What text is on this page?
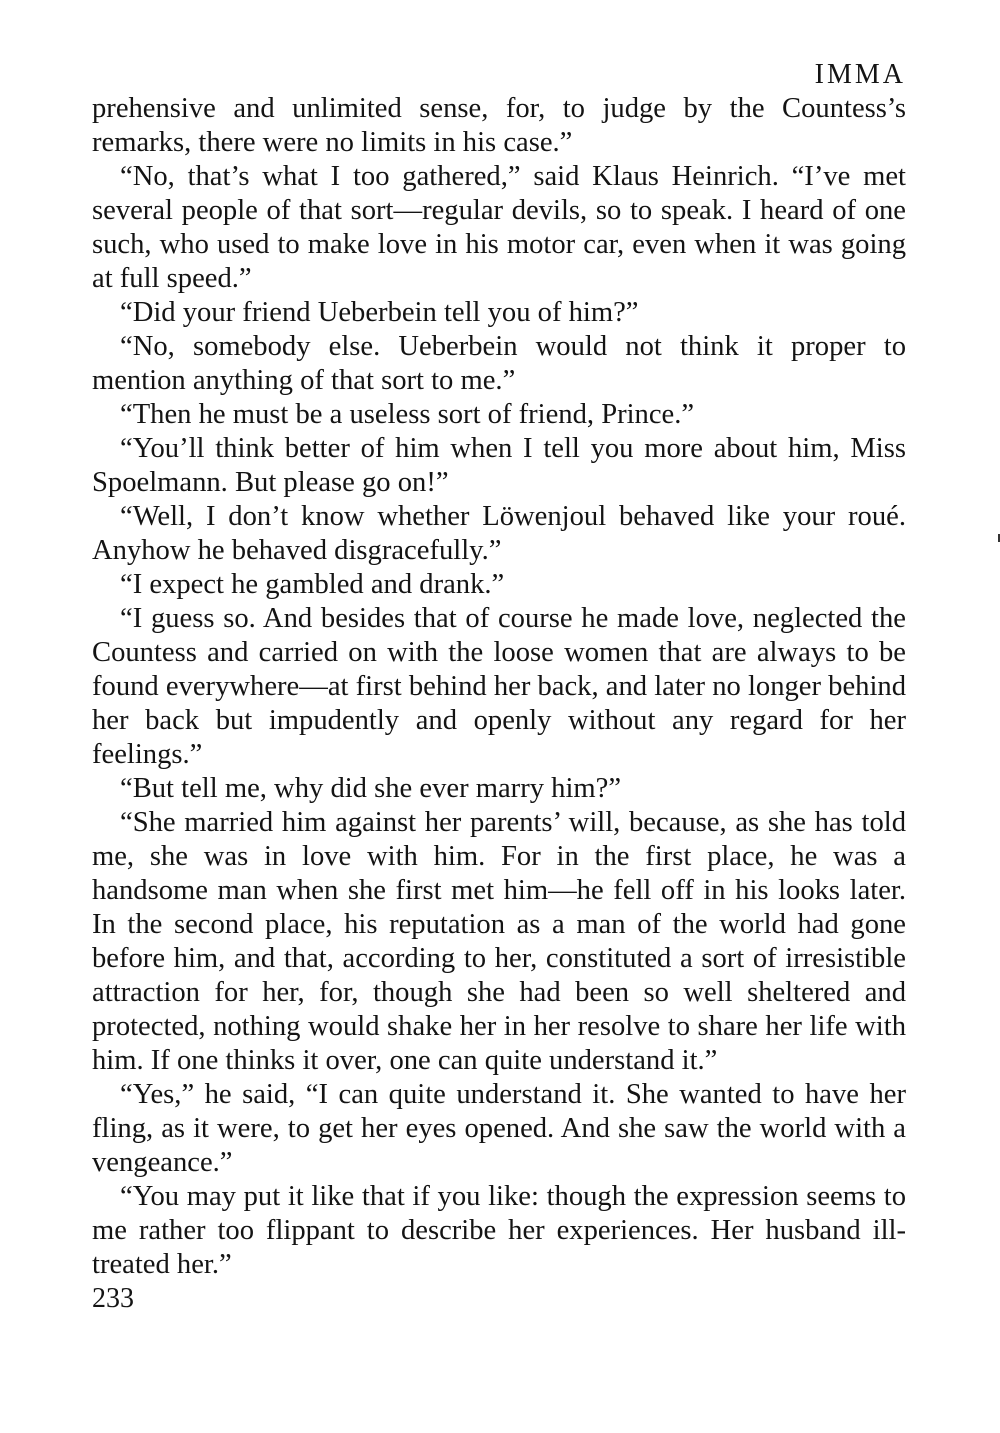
IMMA

prehensive and unlimited sense, for, to judge by the Countess’s remarks, there were no limits in his case.”

“No, that’s what I too gathered,” said Klaus Heinrich. “I’ve met several people of that sort—regular devils, so to speak. I heard of one such, who used to make love in his motor car, even when it was going at full speed.”

“Did your friend Ueberbein tell you of him?”

“No, somebody else. Ueberbein would not think it proper to mention anything of that sort to me.”

“Then he must be a useless sort of friend, Prince.”

“You’ll think better of him when I tell you more about him, Miss Spoelmann. But please go on!”

“Well, I don’t know whether Löwenjoul behaved like your roué. Anyhow he behaved disgracefully.”

“I expect he gambled and drank.”

“I guess so. And besides that of course he made love, neglected the Countess and carried on with the loose women that are always to be found everywhere—at first behind her back, and later no longer behind her back but impudently and openly without any regard for her feelings.”

“But tell me, why did she ever marry him?”

“She married him against her parents’ will, because, as she has told me, she was in love with him. For in the first place, he was a handsome man when she first met him—he fell off in his looks later. In the second place, his reputation as a man of the world had gone before him, and that, according to her, constituted a sort of irresistible attraction for her, for, though she had been so well sheltered and protected, nothing would shake her in her resolve to share her life with him. If one thinks it over, one can quite understand it.”

“Yes,” he said, “I can quite understand it. She wanted to have her fling, as it were, to get her eyes opened. And she saw the world with a vengeance.”

“You may put it like that if you like: though the expression seems to me rather too flippant to describe her experiences. Her husband ill-treated her.”

233
